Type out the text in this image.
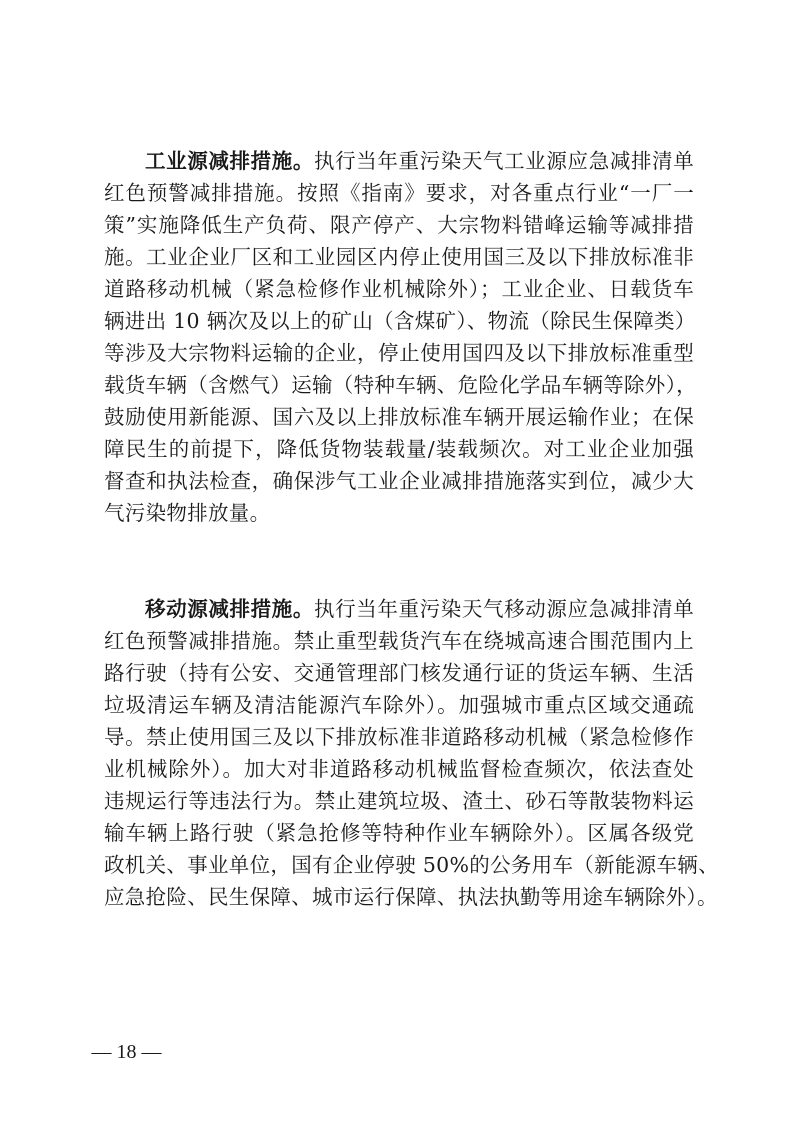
工业源减排措施。执行当年重污染天气工业源应急减排清单
红色预警减排措施。按照《指南》要求，对各重点行业“一厂一
策”实施降低生产负荷、限产停产、大宗物料错峰运输等减排措
施。工业企业厂区和工业园区内停止使用国三及以下排放标准非
道路移动机械（紧急检修作业机械除外）；工业企业、日载货车
辆进出 10 辆次及以上的矿山（含煤矿）、物流（除民生保障类）
等涉及大宗物料运输的企业，停止使用国四及以下排放标准重型
载货车辆（含燃气）运输（特种车辆、危险化学品车辆等除外），
鼓励使用新能源、国六及以上排放标准车辆开展运输作业；在保
障民生的前提下，降低货物装载量/装载频次。对工业企业加强
督查和执法检查，确保涉气工业企业减排措施落实到位，减少大
气污染物排放量。
移动源减排措施。执行当年重污染天气移动源应急减排清单
红色预警减排措施。禁止重型载货汽车在绕城高速合围范围内上
路行驶（持有公安、交通管理部门核发通行证的货运车辆、生活
垃圾清运车辆及清洁能源汽车除外）。加强城市重点区域交通疏
导。禁止使用国三及以下排放标准非道路移动机械（紧急检修作
业机械除外）。加大对非道路移动机械监督检查频次，依法查处
违规运行等违法行为。禁止建筑垃圾、渣土、砂石等散装物料运
输车辆上路行驶（紧急抢修等特种作业车辆除外）。区属各级党
政机关、事业单位，国有企业停驶 50%的公务用车（新能源车辆、
应急抢险、民生保障、城市运行保障、执法执勤等用途车辆除外）。
— 18 —
